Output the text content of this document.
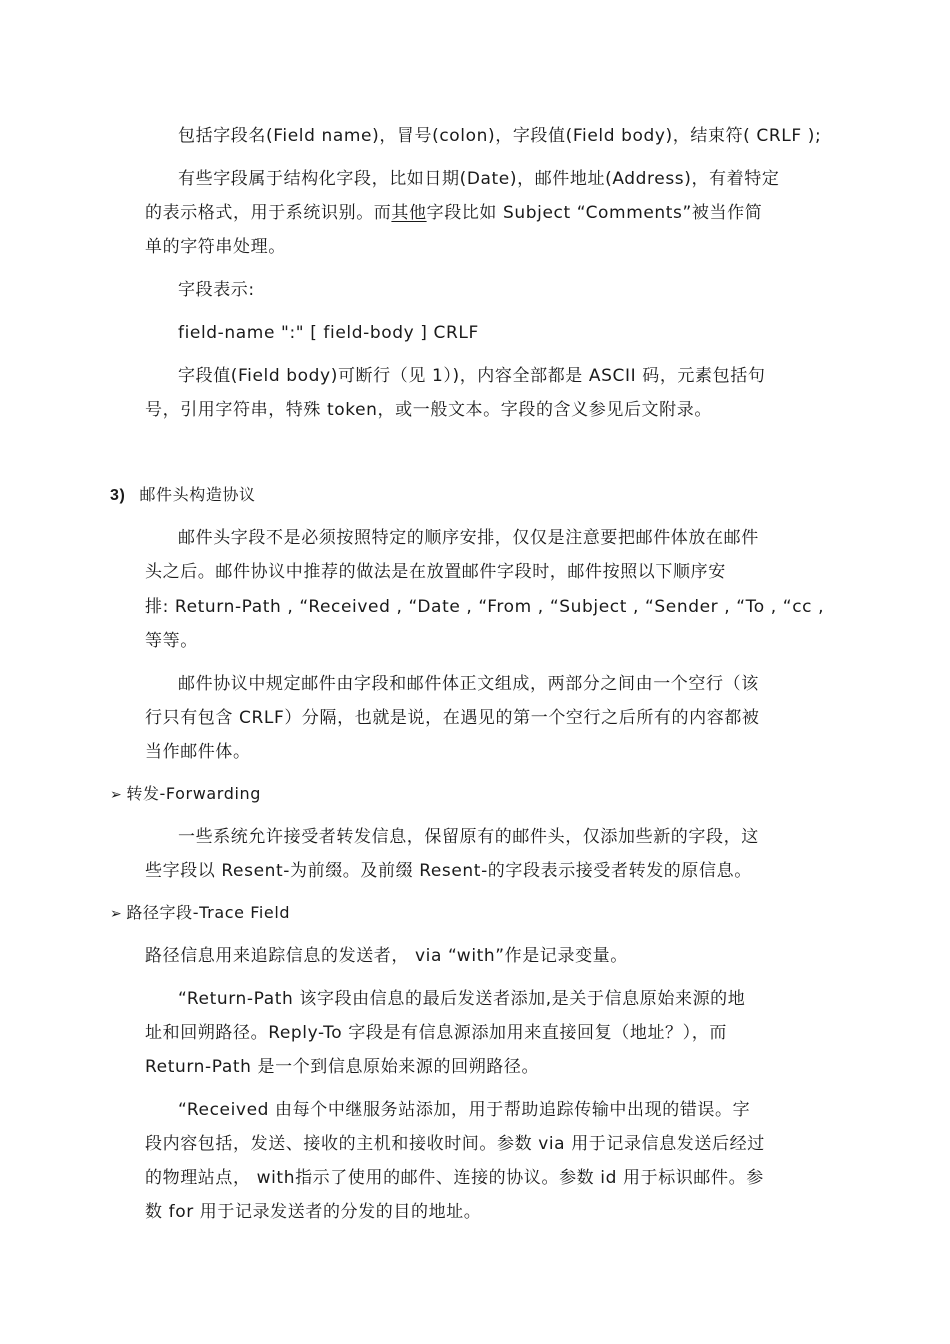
包括字段名(Field name)，冒号(colon)，字段值(Field body)，结束符( CRLF );
有些字段属于结构化字段，比如日期(Date)，邮件地址(Address)，有着特定
的表示格式，用于系统识别。而其他字段比如 Subject “Comments”被当作简
单的字符串处理。
字段表示:
field-name ":" [ field-body ] CRLF
字段值(Field body)可断行（见 1）)，内容全部都是 ASCII 码，元素包括句
号，引用字符串，特殊 token，或一般文本。字段的含义参见后文附录。
3) 邮件头构造协议
邮件头字段不是必须按照特定的顺序安排，仅仅是注意要把邮件体放在邮件
头之后。邮件协议中推荐的做法是在放置邮件字段时，邮件按照以下顺序安
排: Return-Path , “Received , “Date , “From , “Subject , “Sender , “To , “cc ,
等等。
邮件协议中规定邮件由字段和邮件体正文组成，两部分之间由一个空行（该
行只有包含 CRLF）分隔，也就是说，在遇见的第一个空行之后所有的内容都被
当作邮件体。
➢ 转发-Forwarding
一些系统允许接受者转发信息，保留原有的邮件头，仅添加些新的字段，这
些字段以 Resent-为前缀。及前缀 Resent-的字段表示接受者转发的原信息。
➢ 路径字段-Trace Field
路径信息用来追踪信息的发送者， via “with”作是记录变量。
“Return-Path 该字段由信息的最后发送者添加,是关于信息原始来源的地
址和回朔路径。Reply-To 字段是有信息源添加用来直接回复（地址？），而
Return-Path 是一个到信息原始来源的回朔路径。
“Received 由每个中继服务站添加，用于帮助追踪传输中出现的错误。字
段内容包括，发送、接收的主机和接收时间。参数 via 用于记录信息发送后经过
的物理站点， with指示了使用的邮件、连接的协议。参数 id 用于标识邮件。参
数 for 用于记录发送者的分发的目的地址。
